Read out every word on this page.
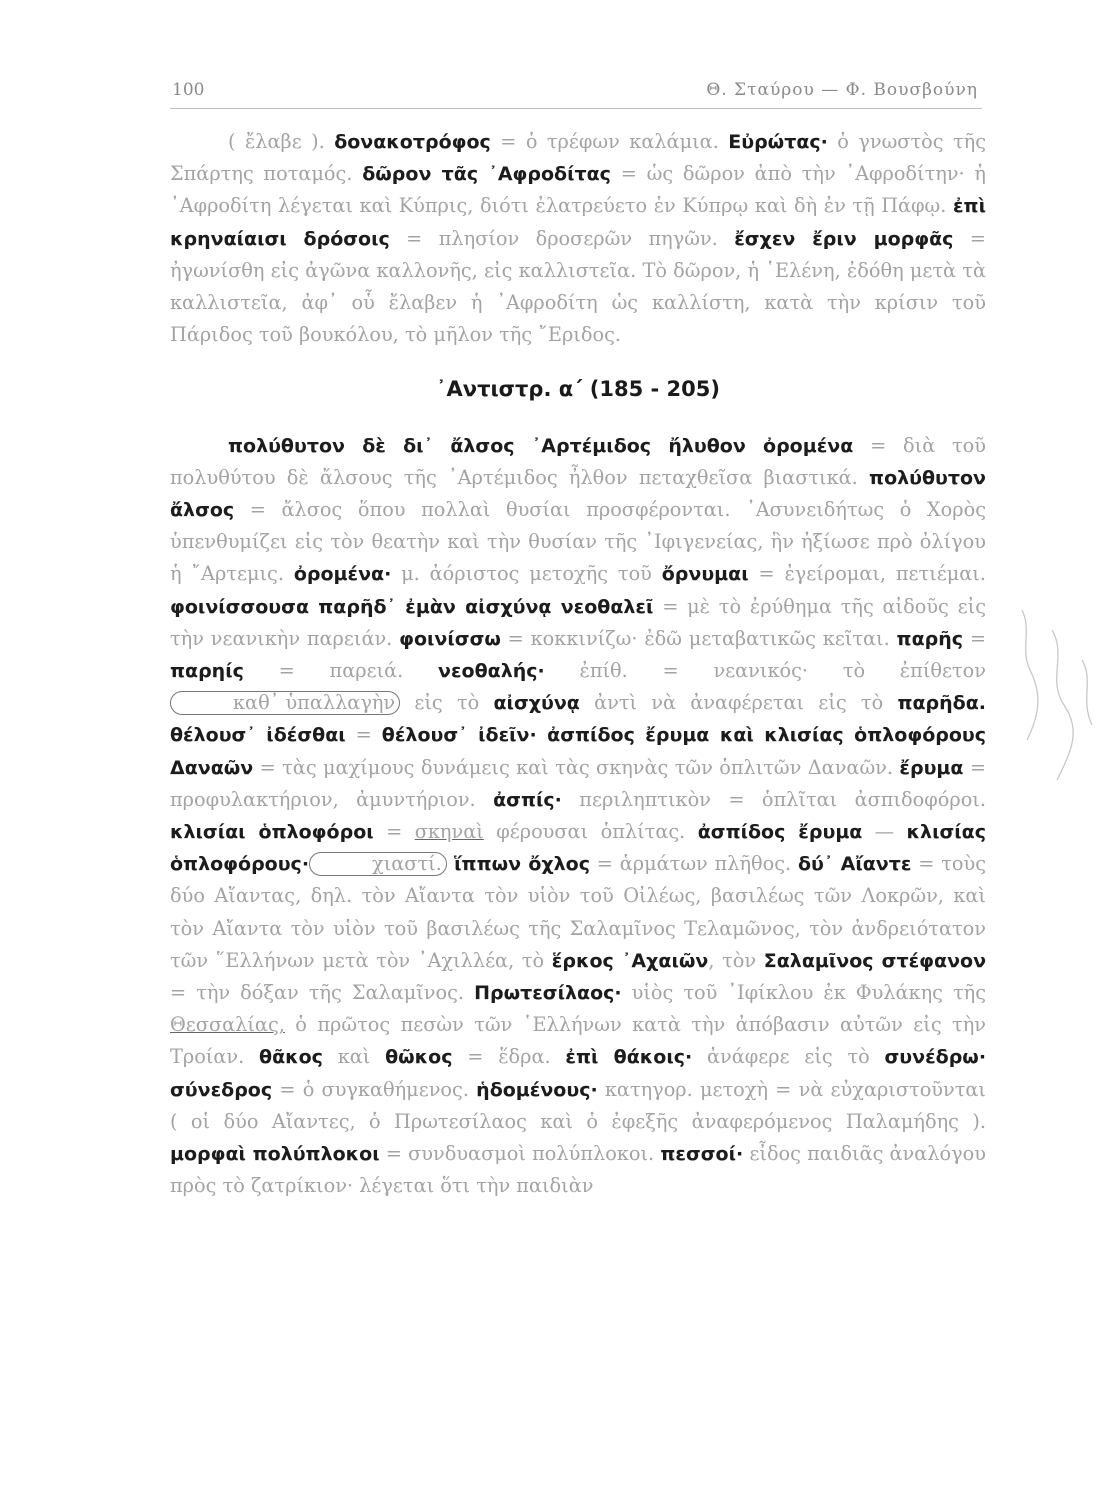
100	Θ. Σταύρου — Φ. Βουσβούνη

( ἔλαβε ). δονακοτρόφος = ὁ τρέφων καλάμια. Εὐρώτας· ὁ γνωστὸς τῆς Σπάρτης ποταμός. δῶρον τᾶς ᾿Αφροδίτας = ὡς δῶρον ἀπὸ τὴν ᾿Αφροδίτην· ἡ ᾿Αφροδίτη λέγεται καὶ Κύπρις, διότι ἐλατρεύετο ἐν Κύπρῳ καὶ δὴ ἐν τῇ Πάφῳ. ἐπὶ κρηναίαισι δρόσοις = πλησίον δροσερῶν πηγῶν. ἔσχεν ἔριν μορφᾶς = ἠγωνίσθη εἰς ἀγῶνα καλλονῆς, εἰς καλλιστεῖα. Τὸ δῶρον, ἡ ῾Ελένη, ἐδόθη μετὰ τὰ καλλιστεῖα, ἀφ᾿ οὗ ἔλαβεν ἡ ᾿Αφροδίτη ὡς καλλίστη, κατὰ τὴν κρίσιν τοῦ Πάριδος τοῦ βουκόλου, τὸ μῆλον τῆς ῎Εριδος.

᾿Αντιστρ. α΄ (185 - 205)

πολύθυτον δὲ δι᾿ ἄλσος ᾿Αρτέμιδος ἤλυθον ὀρομένα = διὰ τοῦ πολυθύτου δὲ ἄλσους τῆς ᾿Αρτέμιδος ἦλθον πεταχθεῖσα βιαστικά. πολύθυτον ἄλσος = ἄλσος ὅπου πολλαὶ θυσίαι προσφέρονται. ᾿Ασυνειδήτως ὁ Χορὸς ὑπενθυμίζει εἰς τὸν θεατὴν καὶ τὴν θυσίαν τῆς ᾿Ιφιγενείας, ἣν ἠξίωσε πρὸ ὀλίγου ἡ ῎Αρτεμις. ὀρομένα· μ. ἀόριστος μετοχῆς τοῦ ὄρνυμαι = ἐγείρομαι, πετιέμαι. φοινίσσουσα παρῆδ᾿ ἐμὰν αἰσχύνᾳ νεοθαλεῖ = μὲ τὸ ἐρύθημα τῆς αἰδοῦς εἰς τὴν νεανικὴν παρειάν. φοινίσσω = κοκκινίζω· ἐδῶ μεταβατικῶς κεῖται. παρῆς = παρηίς = παρειά. νεοθαλής· ἐπίθ. = νεανικός· τὸ ἐπίθετον καθ᾿ ὑπαλλαγὴν εἰς τὸ αἰσχύνᾳ ἀντὶ νὰ ἀναφέρεται εἰς τὸ παρῆδα. θέλουσ᾿ ἰδέσθαι = θέλουσ᾿ ἰδεῖν· ἀσπίδος ἔρυμα καὶ κλισίας ὁπλοφόρους Δαναῶν = τὰς μαχίμους δυνάμεις καὶ τὰς σκηνὰς τῶν ὁπλιτῶν Δαναῶν. ἔρυμα = προφυλακτήριον, ἀμυντήριον. ἀσπίς· περιληπτικὸν = ὁπλῖται ἀσπιδοφόροι. κλισίαι ὁπλοφόροι = σκηναὶ φέρουσαι ὁπλίτας. ἀσπίδος ἔρυμα — κλισίας ὁπλοφόρους·	χιαστί. ἵππων ὄχλος = ἁρμάτων πλῆθος. δύ᾿ Αἴαντε = τοὺς δύο Αἴαντας, δηλ. τὸν Αἴαντα τὸν υἱὸν τοῦ Οἰλέως, βασιλέως τῶν Λοκρῶν, καὶ τὸν Αἴαντα τὸν υἱὸν τοῦ βασιλέως τῆς Σαλαμῖνος Τελαμῶνος, τὸν ἀνδρειότατον τῶν ῞Ελλήνων μετὰ τὸν ᾿Αχιλλέα, τὸ ἕρκος ᾿Αχαιῶν, τὸν Σαλαμῖνος στέφανον = τὴν δόξαν τῆς Σαλαμῖνος. Πρωτεσίλαος· υἱὸς τοῦ ᾿Ιφίκλου ἐκ Φυλάκης τῆς Θεσσαλίας, ὁ πρῶτος πεσὼν τῶν ῾Ελλήνων κατὰ τὴν ἀπόβασιν αὐτῶν εἰς τὴν Τροίαν. θᾶκος καὶ θῶκος = ἕδρα. ἐπὶ θάκοις· ἀνάφερε εἰς τὸ συνέδρω· σύνεδρος = ὁ συγκαθήμενος. ἡδομένους· κατηγορ. μετοχὴ = νὰ εὐχαριστοῦνται ( οἱ δύο Αἴαντες, ὁ Πρωτεσίλαος καὶ ὁ ἐφεξῆς ἀναφερόμενος Παλαμήδης ). μορφαὶ πολύπλοκοι = συνδυασμοὶ πολύπλοκοι. πεσσοί· εἶδος παιδιᾶς ἀναλόγου πρὸς τὸ ζατρίκιον· λέγεται ὅτι τὴν παιδιὰν
